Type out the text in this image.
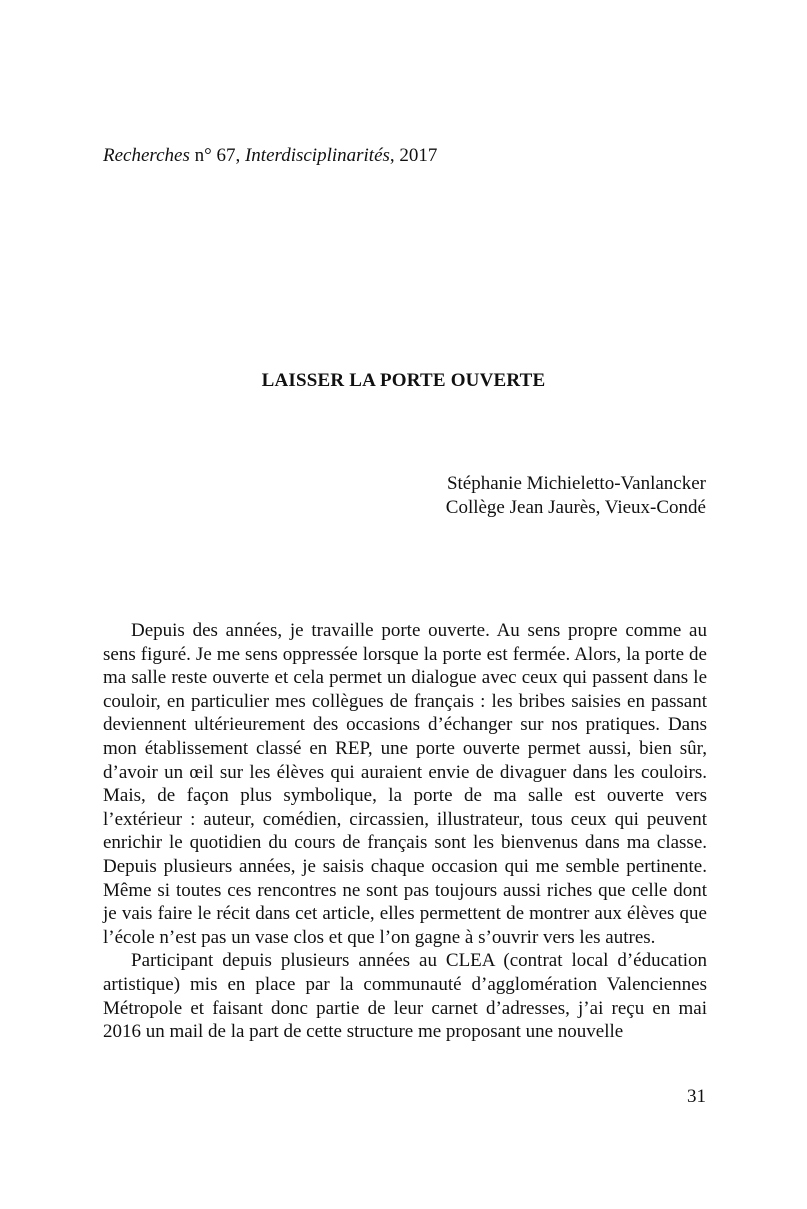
Recherches n° 67, Interdisciplinarités, 2017
LAISSER LA PORTE OUVERTE
Stéphanie Michieletto-Vanlancker
Collège Jean Jaurès, Vieux-Condé

Depuis des années, je travaille porte ouverte. Au sens propre comme au sens figuré. Je me sens oppressée lorsque la porte est fermée. Alors, la porte de ma salle reste ouverte et cela permet un dialogue avec ceux qui passent dans le couloir, en particulier mes collègues de français : les bribes saisies en passant deviennent ultérieurement des occasions d’échanger sur nos pratiques. Dans mon établissement classé en REP, une porte ouverte permet aussi, bien sûr, d’avoir un œil sur les élèves qui auraient envie de divaguer dans les couloirs. Mais, de façon plus symbolique, la porte de ma salle est ouverte vers l’extérieur : auteur, comédien, circassien, illustrateur, tous ceux qui peuvent enrichir le quotidien du cours de français sont les bienvenus dans ma classe. Depuis plusieurs années, je saisis chaque occasion qui me semble pertinente. Même si toutes ces rencontres ne sont pas toujours aussi riches que celle dont je vais faire le récit dans cet article, elles permettent de montrer aux élèves que l’école n’est pas un vase clos et que l’on gagne à s’ouvrir vers les autres.

Participant depuis plusieurs années au CLEA (contrat local d’éducation artistique) mis en place par la communauté d’agglomération Valenciennes Métropole et faisant donc partie de leur carnet d’adresses, j’ai reçu en mai 2016 un mail de la part de cette structure me proposant une nouvelle

31
